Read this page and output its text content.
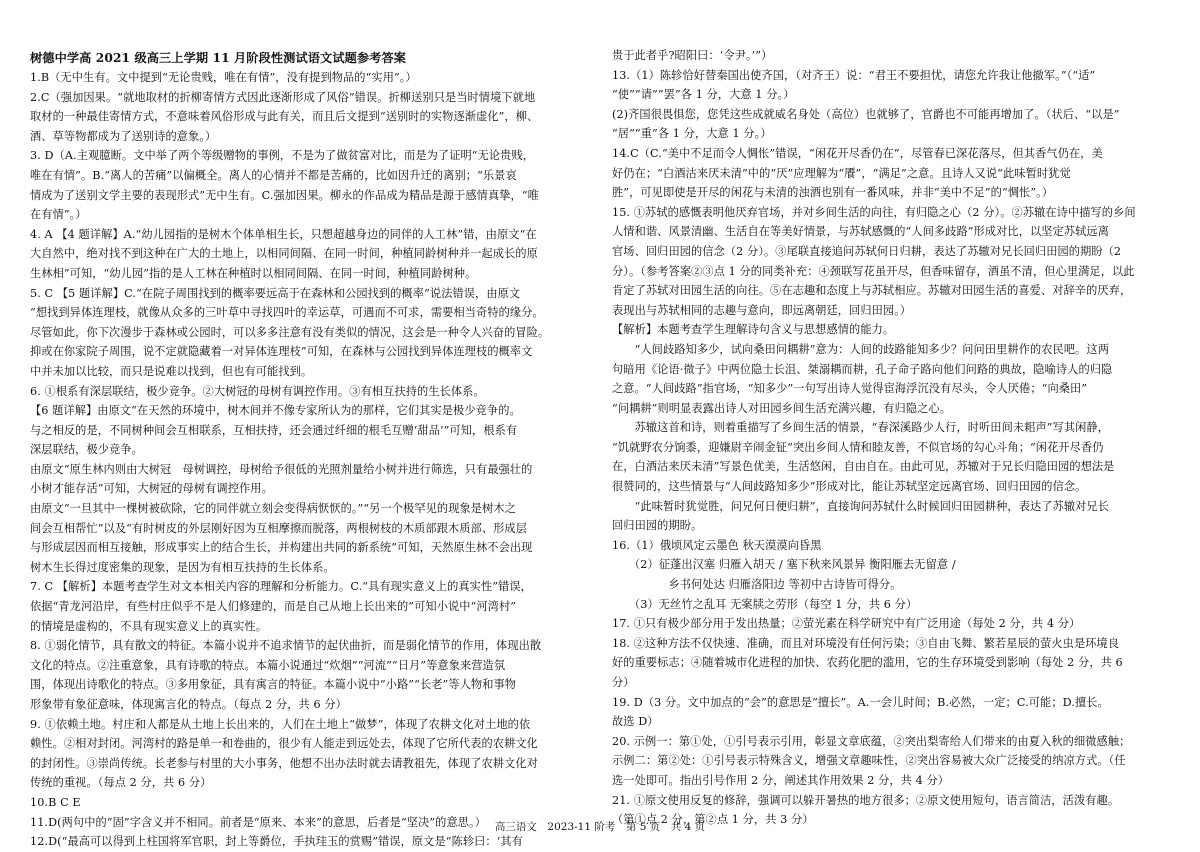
树德中学高 2021 级高三上学期 11 月阶段性测试语文试题参考答案

1.B（无中生有。文中提到“无论贵贱，唯在有情”，没有提到物品的“实用”。）

2.C（强加因果。“就地取材的折柳寄情方式因此逐渐形成了风俗”错误。折柳送别只是当时情境下就地

取材的一种最佳寄情方式，不意味着风俗形成与此有关，而且后文提到“送别时的实物逐渐虚化”，柳、

酒、草等物都成为了送别诗的意象。）

3. D（A.主观臆断。文中举了两个等级赠物的事例，不是为了做贫富对比，而是为了证明“无论贵贱，

唯在有情”。B.“离人的苦痛”以偏概全。离人的心情并不都是苦痛的，比如因升迁的离别；“乐景哀

情成为了送别文学主要的表现形式”无中生有。C.强加因果。柳永的作品成为精品是源于感情真挚，“唯

在有情”。）

4. A 【4 题详解】A.“幼儿园指的是树木个体单相生长，只想超越身边的同伴的人工林”错，由原文“在

大自然中，绝对找不到这种在广大的土地上，以相同间隔、在同一时间，种植同龄树种并一起成长的原

生林相”可知，“幼儿园”指的是人工林在种植时以相同间隔、在同一时间，种植同龄树种。

5. C 【5 题详解】C.“在院子周围找到的概率要远高于在森林和公园找到的概率”说法错误，由原文

“想找到异体连理枝，就像从众多的三叶草中寻找四叶的幸运草，可遇而不可求，需要相当奇特的缘分。

尽管如此，你下次漫步于森林或公园时，可以多多注意有没有类似的情况，这会是一种令人兴奋的冒险。

抑或在你家院子周围，说不定就隐藏着一对异体连理枝”可知，在森林与公园找到异体连理枝的概率文

中并未加以比较，而只是说难以找到，但也有可能找到。

6. ①根系有深层联结，极少竞争。②大树冠的母树有调控作用。③有相互扶持的生长体系。

【6 题详解】由原文“在天然的环境中，树木间并不像专家所认为的那样，它们其实是极少竞争的。

与之相反的是，不同树种间会互相联系，互相扶持，还会通过纤细的根毛互赠‘甜品’”可知，根系有

深层联结，极少竞争。

由原文“原生林内则由大树冠　母树调控，母树给予很低的光照剂量给小树并进行筛选，只有最强壮的

小树才能存活”可知，大树冠的母树有调控作用。

由原文“一旦其中一棵树被砍除，它的同伴就立刻会变得病恹恹的。”“另一个极罕见的现象是树木之

间会互相帮忙”以及“有时树皮的外层刚好因为互相摩擦而脱落，两根树枝的木质部跟木质部、形成层

与形成层因而相互接触，形成事实上的结合生长，并构建出共同的新系统”可知，天然原生林不会出现

树木生长得过度密集的现象，是因为有相互扶持的生长体系。

7. C 【解析】本题考查学生对文本相关内容的理解和分析能力。C.“具有现实意义上的真实性”错误，

依据“青龙河沿岸，有些村庄似乎不是人们修建的，而是自己从地上长出来的”可知小说中“河湾村”

的情境是虚构的，不具有现实意义上的真实性。

8. ①弱化情节，具有散文的特征。本篇小说并不追求情节的起伏曲折，而是弱化情节的作用，体现出散

文化的特点。②注重意象，具有诗歌的特点。本篇小说通过“炊烟”“河流”“日月”等意象来营造氛

围，体现出诗歌化的特点。③多用象征，具有寓言的特征。本篇小说中“小路”“长老”等人物和事物

形象带有象征意味，体现寓言化的特点。（每点 2 分，共 6 分）

9. ①依赖土地。村庄和人都是从土地上长出来的，人们在土地上“做梦”，体现了农耕文化对土地的依

赖性。②相对封闭。河湾村的路是单一和卷曲的，很少有人能走到远处去，体现了它所代表的农耕文化

的封闭性。③崇尚传统。长老参与村里的大小事务，他想不出办法时就去请教祖先，体现了农耕文化对

传统的重视。（每点 2 分，共 6 分）

10.B C E

11.D(两句中的“固”字含义并不相同。前者是“原来、本来”的意思，后者是“坚决”的意思。）

12.D(“最高可以得到上柱国将军官职，封上等爵位，手执珪玉的赏赐”错误，原文是“陈轸曰：‘其有

贵于此者乎?昭阳曰：‘令尹。’”）

13.（1）陈轸恰好替秦国出使齐国，（对齐王）说：“君王不要担忧，请您允许我让他撤军。”（“适”

“使”“请”“罢”各 1 分，大意 1 分。）

(2)齐国很畏惧您，您凭这些成就威名身处（高位）也就够了，官爵也不可能再增加了。（状后、“以是”

“居”“重”各 1 分，大意 1 分。）

14.C（C.“美中不足而令人惆怅”错误，“闲花开尽香仍在”，尽管春已深花落尽，但其香气仍在，美

好仍在；“白酒沽来厌未清”中的“厌”应理解为“餍”，“满足”之意。且诗人又说“此味暂时犹觉

胜”，可见即使是开尽的闲花与未清的浊酒也别有一番风味，并非“美中不足”的“惆怅”。）

15. ①苏轼的感慨表明他厌弃官场，并对乡间生活的向往，有归隐之心（2 分）。②苏辙在诗中描写的乡间

人情和谐、风景清幽、生活自在等美好情景，与苏轼感慨的“人间多歧路”形成对比，以坚定苏轼远离

官场、回归田园的信念（2 分）。③尾联直接追问苏轼何日归耕，表达了苏辙对兄长回归田园的期盼（2

分）。（参考答案②③点 1 分的同类补充：④颈联写花虽开尽，但香味留存，酒虽不清，但心里满足，以此

肯定了苏轼对田园生活的向往。⑤在志趣和态度上与苏轼相应。苏辙对田园生活的喜爱、对辞辛的厌弃，

表现出与苏轼相同的志趣与意向，即远离朝廷，回归田园。）

【解析】本题考查学生理解诗句含义与思想感情的能力。

　　“人间歧路知多少，试向桑田问耦耕”意为：人间的歧路能知多少？问问田里耕作的农民吧。这两

句暗用《论语·微子》中两位隐士长沮、桀溺耦而耕，孔子命子路向他们问路的典故，隐喻诗人的归隐

之意。“人间歧路”指官场，“知多少”一句写出诗人觉得宦海浮沉没有尽头，令人厌倦；“向桑田”

“问耦耕”则明显表露出诗人对田园乡间生活充满兴趣，有归隐之心。

　　苏辙这首和诗，则着重描写了乡间生活的情景，“春深溪路少人行，时听田间未耜声”写其闲静，

“饥就野农分饷黍，迎嫌尉辛闹金钲”突出乡间人情和睦友善，不似官场的勾心斗角；“闲花开尽香仍

在，白酒沽来厌未清”写景色优美，生活悠闲，自由自在。由此可见，苏辙对于兄长归隐田园的想法是

很赞同的，这些情景与“人间歧路知多少”形成对比，能让苏轼坚定远离官场、回归田园的信念。

　　“此味暂时犹觉胜，问兄何日便归耕”，直接询问苏轼什么时候回归田园耕种，表达了苏辙对兄长

回归田园的期盼。

16.（1）俄顷风定云墨色 秋天漠漠向昏黑

　　（2）征蓬出汉塞 归雁入胡天 / 塞下秋来风景异 衡阳雁去无留意 /

　　　　　乡书何处达 归雁洛阳边 等初中古诗皆可得分。

　　（3）无丝竹之乱耳 无案牍之劳形（每空 1 分，共 6 分）

17. ①只有极少部分用于发出热量；②萤光素在科学研究中有广泛用途（每处 2 分，共 4 分）

18. ②这种方法不仅快速、准确，而且对环境没有任何污染；③自由飞舞、繁若星辰的萤火虫是环境良

好的重要标志；④随着城市化进程的加快、农药化肥的滥用，它的生存环境受到影响（每处 2 分，共 6

分）

19. D（3 分。文中加点的“会”的意思是“擅长”。A.一会儿时间；B.必然，一定；C.可能；D.擅长。

故选 D）

20. 示例一：第①处，①引号表示引用，彰显文章底蕴，②突出梨寄给人们带来的由夏入秋的细微感触；

示例二：第②处：①引号表示特殊含义，增强文章趣味性，②突出容易被大众广泛接受的纳凉方式。（任

选一处即可。指出引号作用 2 分，阐述其作用效果 2 分，共 4 分）

21. ①原文使用反复的修辞，强调可以躲开暑热的地方很多；②原文使用短句，语言简洁，活泼有趣。

（第①点 2 分，第②点 1 分，共 3 分）

高三语文　2023-11 阶考　第 5 页　共 4 页
